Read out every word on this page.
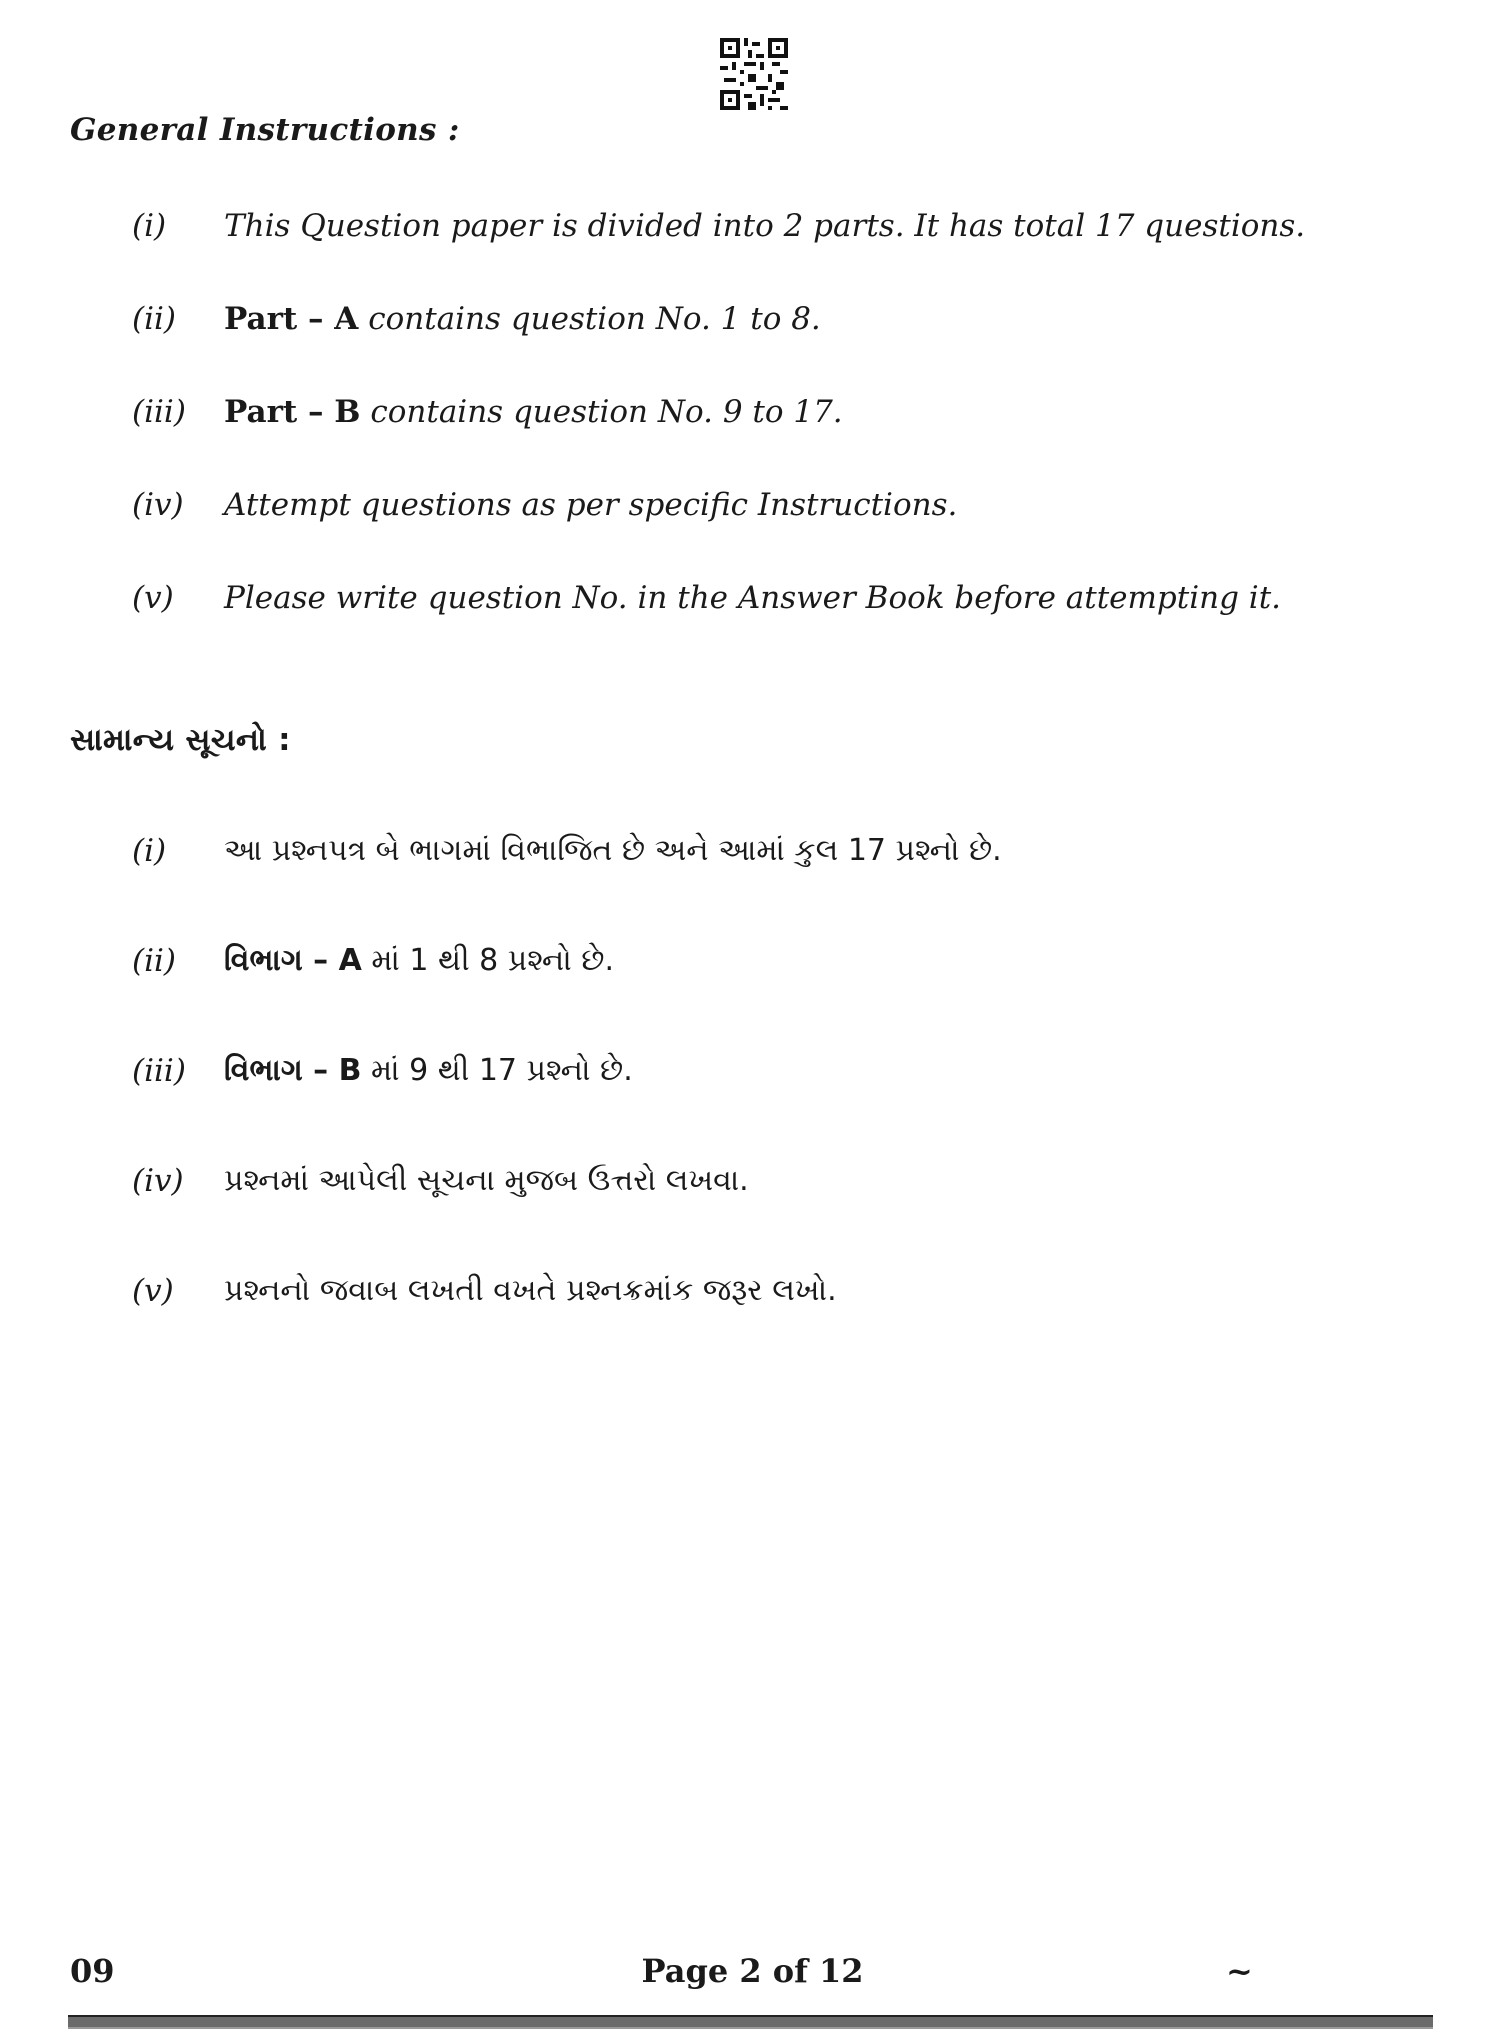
General Instructions :
(i)	This Question paper is divided into 2 parts. It has total 17 questions.
(ii)	Part – A contains question No. 1 to 8.
(iii)	Part – B contains question No. 9 to 17.
(iv)	Attempt questions as per specific Instructions.
(v)	Please write question No. in the Answer Book before attempting it.
સામાન્ય સૂચનો :
(i)	આ પ્રશ્નપત્ર બે ભાગમાં વિભાજિત છે અને આમાં કુલ 17 પ્રશ્નો છે.
(ii)	વિભાગ – A માં 1 થી 8 પ્રશ્નો છે.
(iii)	વિભાગ – B માં 9 થી 17 પ્રશ્નો છે.
(iv)	પ્રશ્નમાં આપેલી સૂચના મુજબ ઉત્તરો લખવા.
(v)	પ્રશ્નનો જવાબ લખતી વખતે પ્રશ્નક્રમાંક જરૂર લખો.
09	Page 2 of 12	~
